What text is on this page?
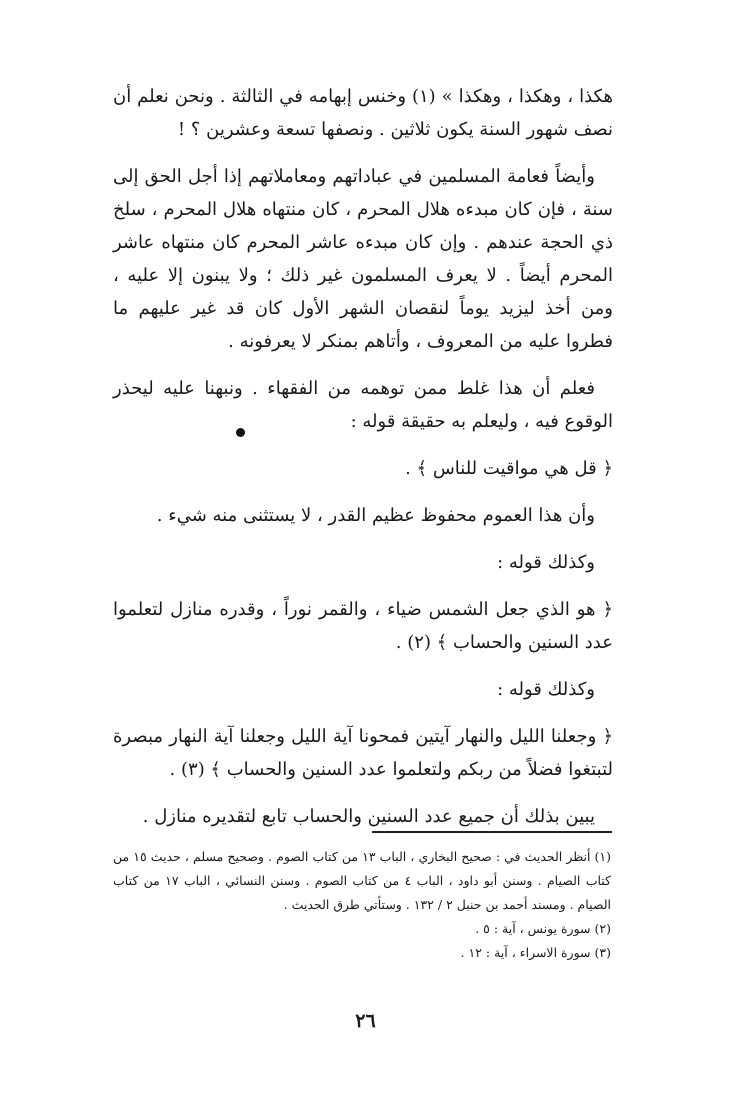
هكذا ، وهكذا ، وهكذا » (١) وخنس إبهامه في الثالثة . ونحن نعلم أن نصف شهور السنة يكون ثلاثين . ونصفها تسعة وعشرين ؟ !

وأيضاً فعامة المسلمين في عباداتهم ومعاملاتهم إذا أجل الحق إلى سنة ، فإن كان مبدءه هلال المحرم ، كان منتهاه هلال المحرم ، سلخ ذي الحجة عندهم . وإن كان مبدءه عاشر المحرم كان منتهاه عاشر المحرم أيضاً . لا يعرف المسلمون غير ذلك ؛ ولا يبنون إلا عليه ، ومن أخذ ليزيد يوماً لنقصان الشهر الأول كان قد غير عليهم ما فطروا عليه من المعروف ، وأتاهم بمنكر لا يعرفونه .

فعلم أن هذا غلط ممن توهمه من الفقهاء . ونبهنا عليه ليحذر الوقوع فيه ، وليعلم به حقيقة قوله :

﴿ قل هي مواقيت للناس ﴾ .

وأن هذا العموم محفوظ عظيم القدر ، لا يستثنى منه شيء .

وكذلك قوله :

﴿ هو الذي جعل الشمس ضياء ، والقمر نوراً ، وقدره منازل لتعلموا عدد السنين والحساب ﴾ (٢) .

وكذلك قوله :

﴿ وجعلنا الليل والنهار آيتين فمحونا آية الليل وجعلنا آية النهار مبصرة لتبتغوا فضلاً من ربكم ولتعلموا عدد السنين والحساب ﴾ (٣) .

يبين بذلك أن جميع عدد السنين والحساب تابع لتقديره منازل .

(١) أنظر الحديث في : صحيح البخاري ، الباب ١٣ من كتاب الصوم . وصحيح مسلم ، حديث ١٥ من كتاب الصيام . وسنن أبو داود ، الباب ٤ من كتاب الصوم . وسنن النسائي ، الباب ١٧ من كتاب الصيام . ومسند أحمد بن حنبل ٢ / ١٣٢ . وستأتي طرق الحديث .

(٢) سورة يونس ، آية : ٥ .

(٣) سورة الاسراء ، آية : ١٢ .

٢٦
